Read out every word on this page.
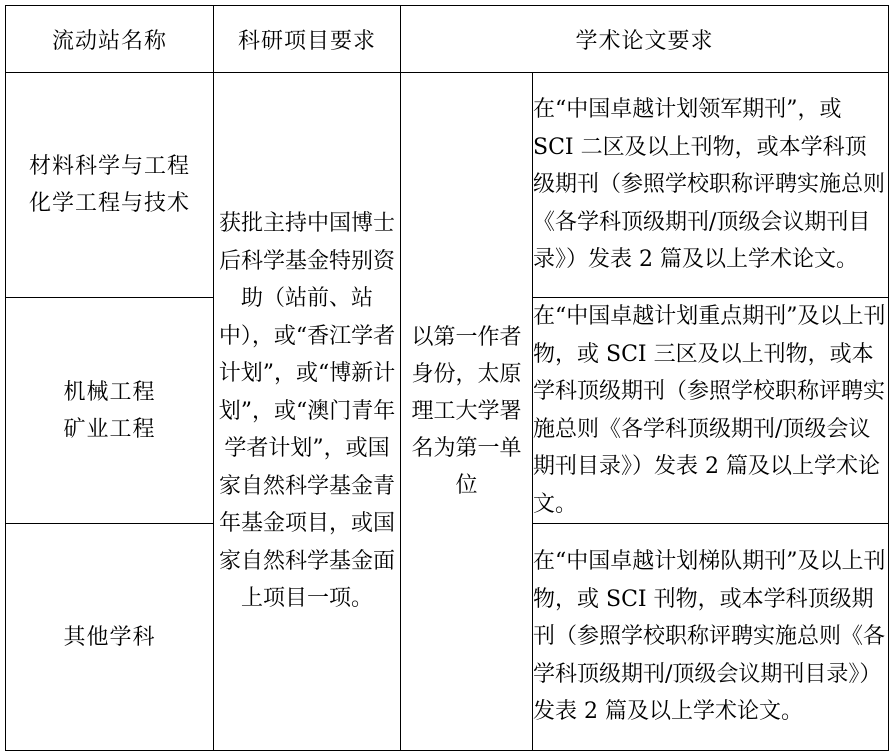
流动站名称	科研项目要求	学术论文要求	

材料科学与工程
化学工程与技术	获批主持中国博士后科学基金特别资助（站前、站中），或“香江学者计划”，或“博新计划”，或“澳门青年学者计划”，或国家自然科学基金青年基金项目，或国家自然科学基金面上项目一项。	以第一作者身份，太原理工大学署名为第一单位	在“中国卓越计划领军期刊”，或 SCI 二区及以上刊物，或本学科顶级期刊（参照学校职称评聘实施总则《各学科顶级期刊/顶级会议期刊目录》）发表 2 篇及以上学术论文。

机械工程
矿业工程			在“中国卓越计划重点期刊”及以上刊物，或 SCI 三区及以上刊物，或本学科顶级期刊（参照学校职称评聘实施总则《各学科顶级期刊/顶级会议期刊目录》）发表 2 篇及以上学术论文。

其他学科			在“中国卓越计划梯队期刊”及以上刊物，或 SCI 刊物，或本学科顶级期刊（参照学校职称评聘实施总则《各学科顶级期刊/顶级会议期刊目录》）发表 2 篇及以上学术论文。
